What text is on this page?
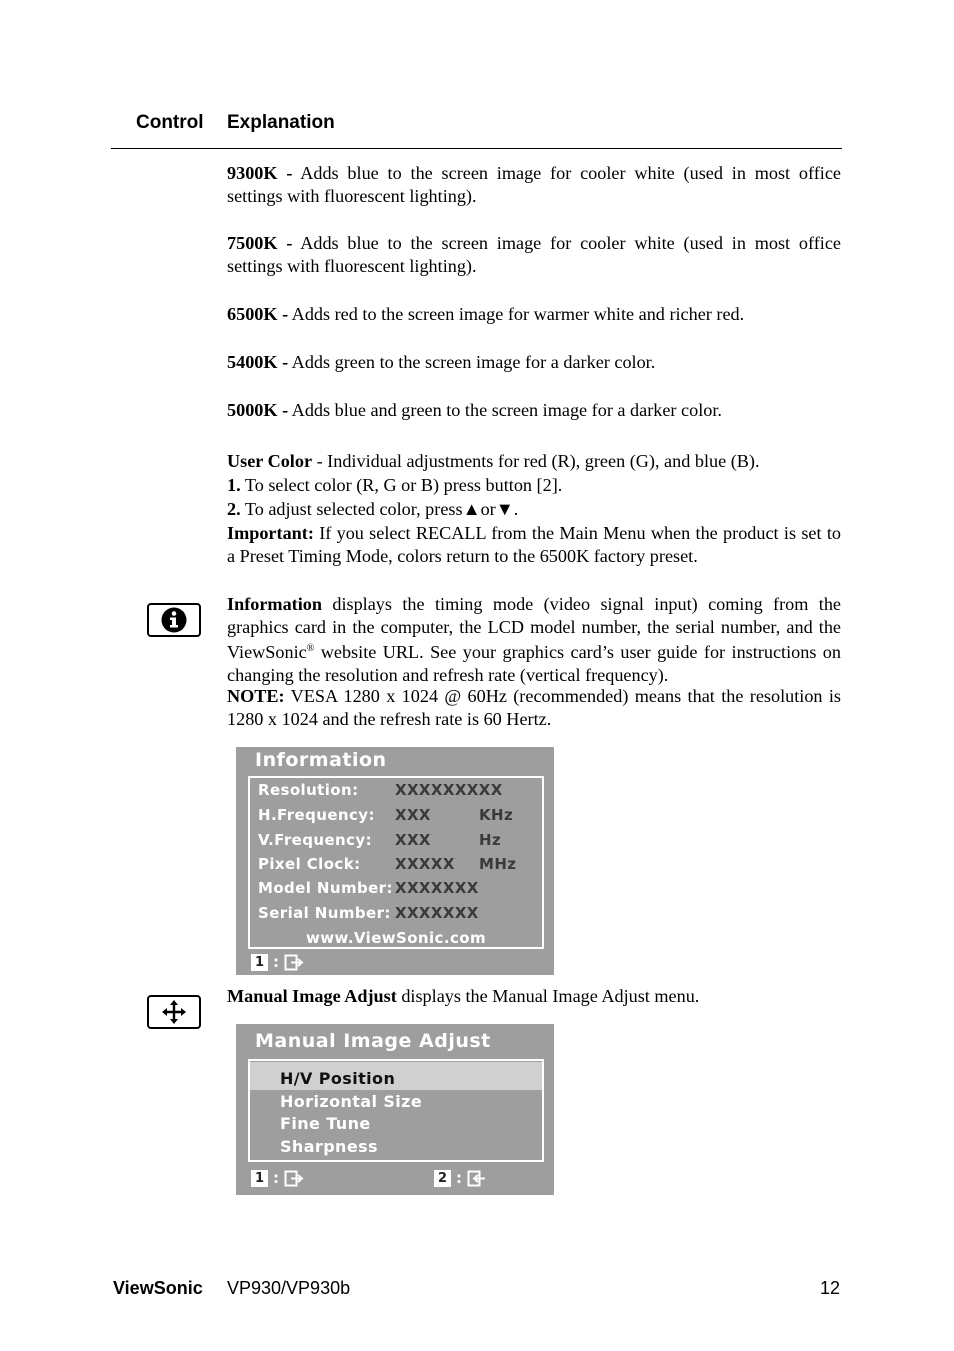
Control Explanation
9300K - Adds blue to the screen image for cooler white (used in most office settings with fluorescent lighting).
7500K - Adds blue to the screen image for cooler white (used in most office settings with fluorescent lighting).
6500K - Adds red to the screen image for warmer white and richer red.
5400K - Adds green to the screen image for a darker color.
5000K - Adds blue and green to the screen image for a darker color.
User Color - Individual adjustments for red (R), green (G), and blue (B).
1. To select color (R, G or B) press button [2].
2. To adjust selected color, press▲or▼.
Important: If you select RECALL from the Main Menu when the product is set to a Preset Timing Mode, colors return to the 6500K factory preset.
Information displays the timing mode (video signal input) coming from the graphics card in the computer, the LCD model number, the serial number, and the ViewSonic® website URL. See your graphics card’s user guide for instructions on changing the resolution and refresh rate (vertical frequency).
NOTE: VESA 1280 x 1024 @ 60Hz (recommended) means that the resolution is 1280 x 1024 and the refresh rate is 60 Hertz.
Information
Resolution: XXXXXXXXX
H.Frequency: XXX	KHz
V.Frequency: XXX	Hz
Pixel Clock: XXXXX MHz
Model Number: XXXXXXX
Serial Number: XXXXXXX
www.ViewSonic.com
1 :
Manual Image Adjust displays the Manual Image Adjust menu.
Manual Image Adjust
H/V Position
Horizontal Size
Fine Tune
Sharpness
1 :	2 :
ViewSonic VP930/VP930b	12
